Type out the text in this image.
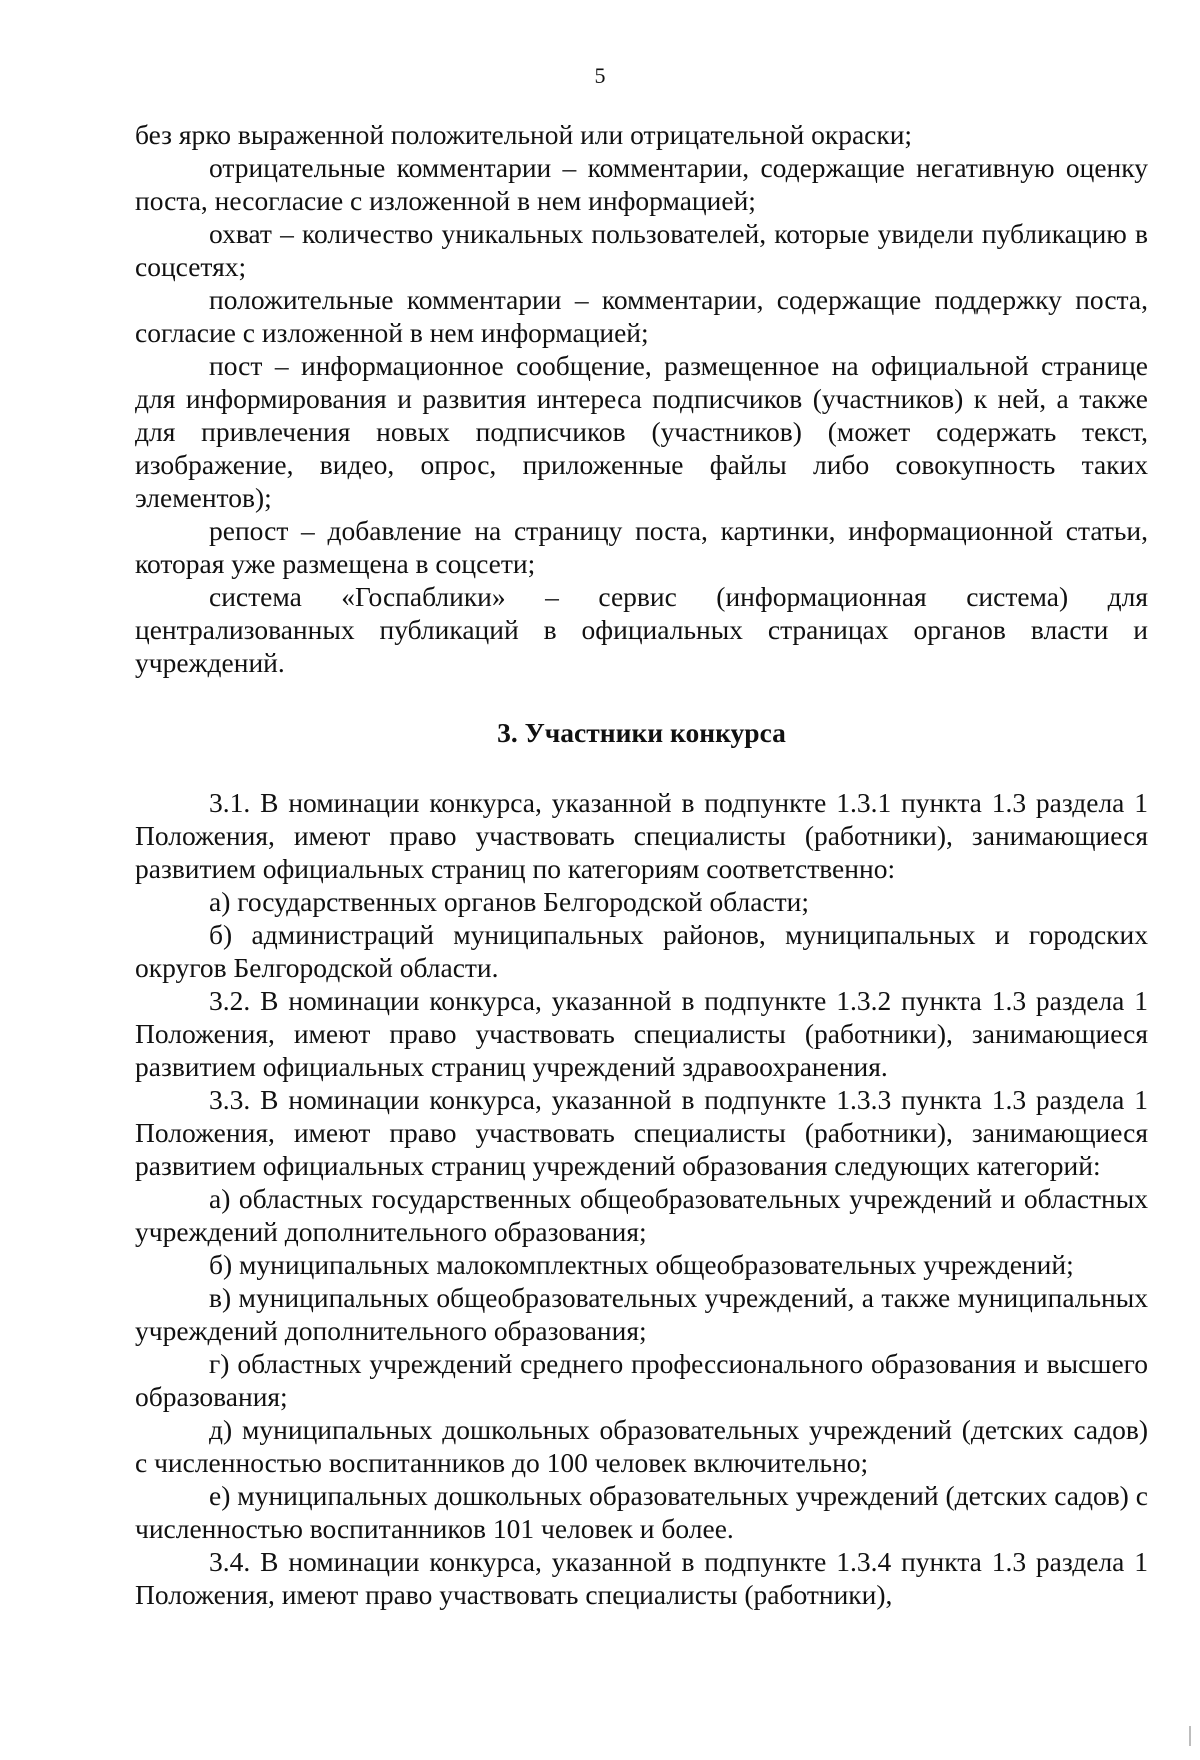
5

без ярко выраженной положительной или отрицательной окраски;

отрицательные комментарии – комментарии, содержащие негативную оценку поста, несогласие с изложенной в нем информацией;

охват – количество уникальных пользователей, которые увидели публикацию в соцсетях;

положительные комментарии – комментарии, содержащие поддержку поста, согласие с изложенной в нем информацией;

пост – информационное сообщение, размещенное на официальной странице для информирования и развития интереса подписчиков (участников) к ней, а также для привлечения новых подписчиков (участников) (может содержать текст, изображение, видео, опрос, приложенные файлы либо совокупность таких элементов);

репост – добавление на страницу поста, картинки, информационной статьи, которая уже размещена в соцсети;

система «Госпаблики» – сервис (информационная система) для централизованных публикаций в официальных страницах органов власти и учреждений.

3. Участники конкурса

3.1. В номинации конкурса, указанной в подпункте 1.3.1 пункта 1.3 раздела 1 Положения, имеют право участвовать специалисты (работники), занимающиеся развитием официальных страниц по категориям соответственно:

а) государственных органов Белгородской области;

б) администраций муниципальных районов, муниципальных и городских округов Белгородской области.

3.2. В номинации конкурса, указанной в подпункте 1.3.2 пункта 1.3 раздела 1 Положения, имеют право участвовать специалисты (работники), занимающиеся развитием официальных страниц учреждений здравоохранения.

3.3. В номинации конкурса, указанной в подпункте 1.3.3 пункта 1.3 раздела 1 Положения, имеют право участвовать специалисты (работники), занимающиеся развитием официальных страниц учреждений образования следующих категорий:

а) областных государственных общеобразовательных учреждений и областных учреждений дополнительного образования;

б) муниципальных малокомплектных общеобразовательных учреждений;

в) муниципальных общеобразовательных учреждений, а также муниципальных учреждений дополнительного образования;

г) областных учреждений среднего профессионального образования и высшего образования;

д) муниципальных дошкольных образовательных учреждений (детских садов) с численностью воспитанников до 100 человек включительно;

е) муниципальных дошкольных образовательных учреждений (детских садов) с численностью воспитанников 101 человек и более.

3.4. В номинации конкурса, указанной в подпункте 1.3.4 пункта 1.3 раздела 1 Положения, имеют право участвовать специалисты (работники),
